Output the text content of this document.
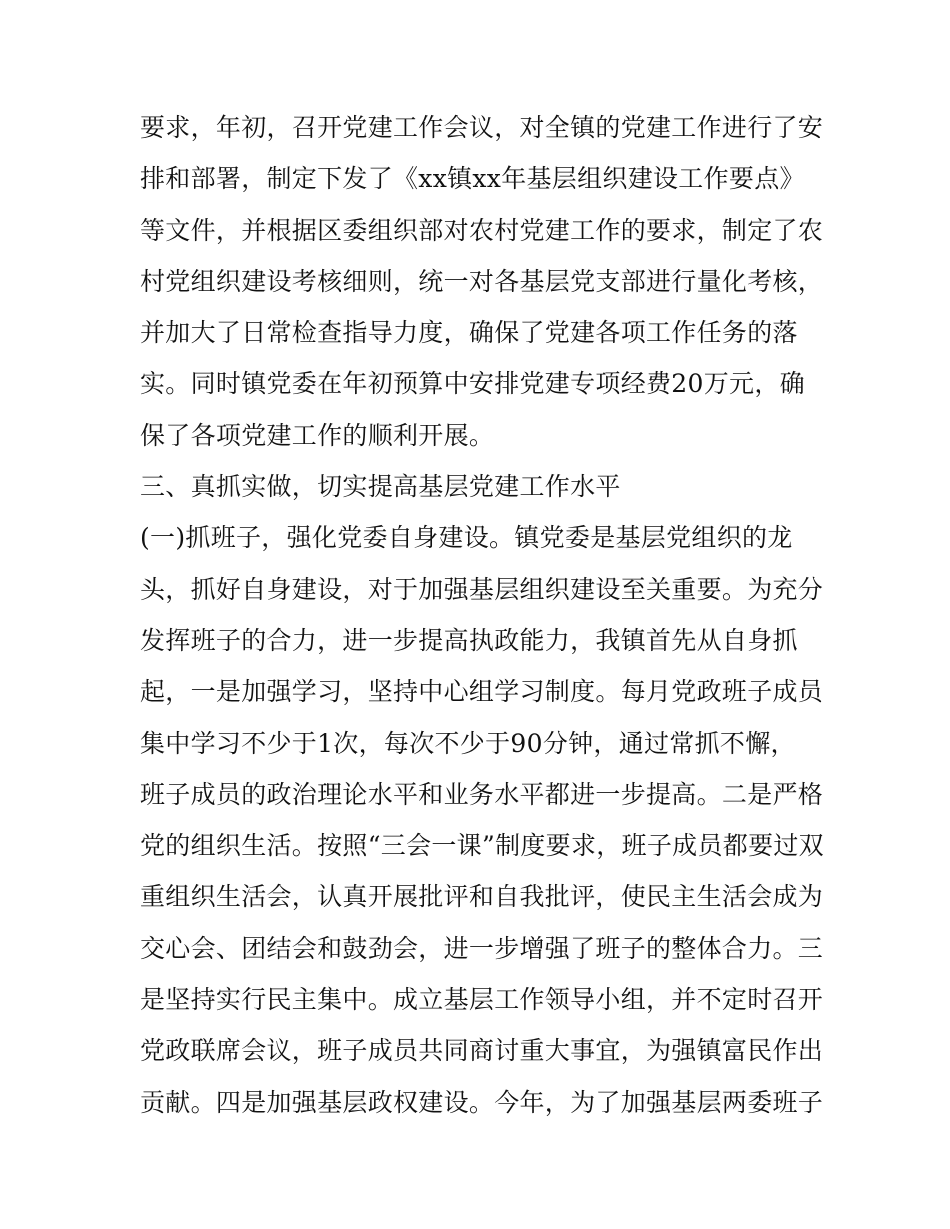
要求，年初，召开党建工作会议，对全镇的党建工作进行了安
排和部署，制定下发了《xx镇xx年基层组织建设工作要点》
等文件，并根据区委组织部对农村党建工作的要求，制定了农
村党组织建设考核细则，统一对各基层党支部进行量化考核，
并加大了日常检查指导力度，确保了党建各项工作任务的落
实。同时镇党委在年初预算中安排党建专项经费20万元，确
保了各项党建工作的顺利开展。
三、真抓实做，切实提高基层党建工作水平
(一)抓班子，强化党委自身建设。镇党委是基层党组织的龙
头，抓好自身建设，对于加强基层组织建设至关重要。为充分
发挥班子的合力，进一步提高执政能力，我镇首先从自身抓
起，一是加强学习，坚持中心组学习制度。每月党政班子成员
集中学习不少于1次，每次不少于90分钟，通过常抓不懈，
班子成员的政治理论水平和业务水平都进一步提高。二是严格
党的组织生活。按照“三会一课”制度要求，班子成员都要过双
重组织生活会，认真开展批评和自我批评，使民主生活会成为
交心会、团结会和鼓劲会，进一步增强了班子的整体合力。三
是坚持实行民主集中。成立基层工作领导小组，并不定时召开
党政联席会议，班子成员共同商讨重大事宜，为强镇富民作出
贡献。四是加强基层政权建设。今年，为了加强基层两委班子
